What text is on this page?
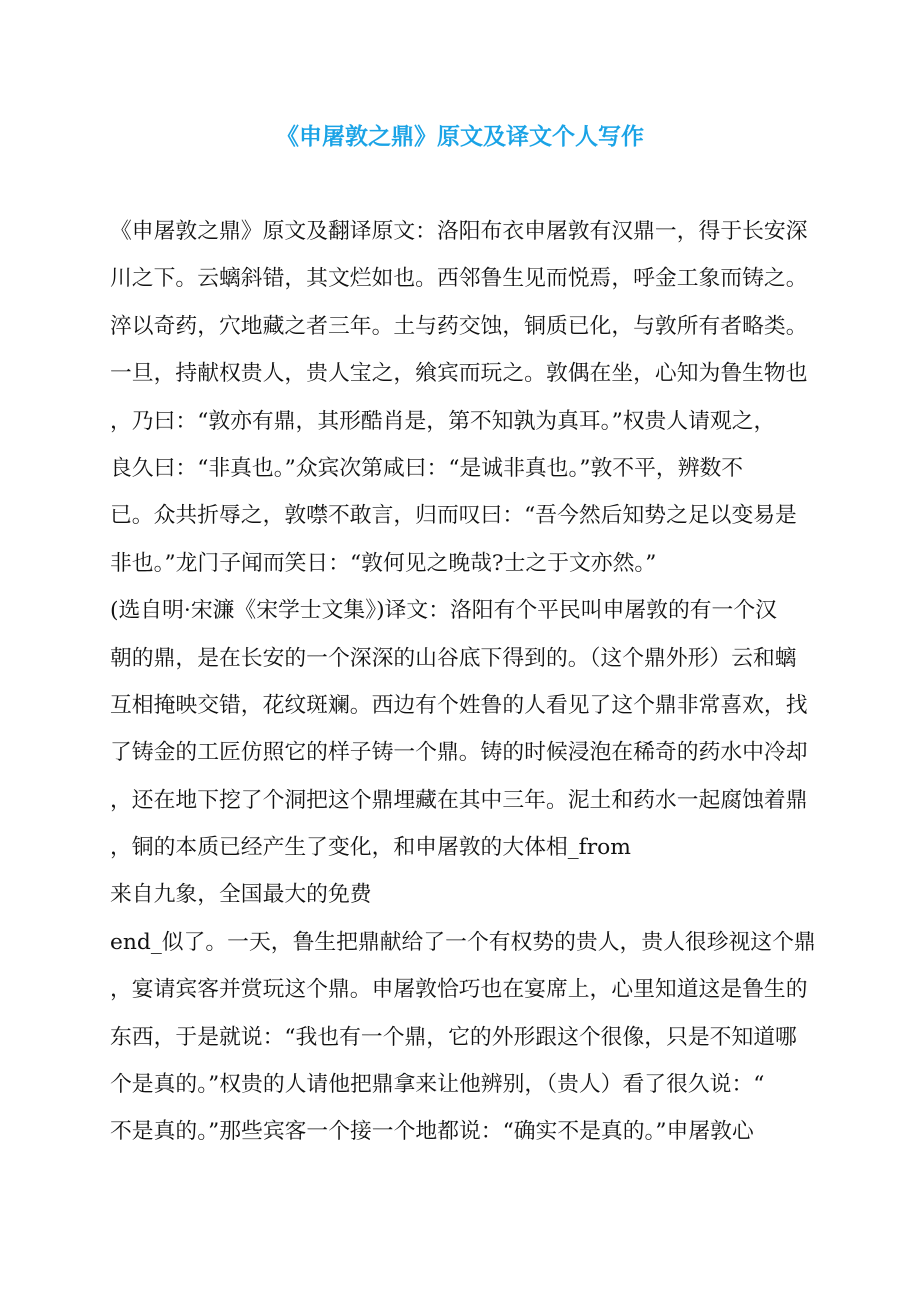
《申屠敦之鼎》原文及译文个人写作
《申屠敦之鼎》原文及翻译原文：洛阳布衣申屠敦有汉鼎一，得于长安深
川之下。云螭斜错，其文烂如也。西邻鲁生见而悦焉，呼金工象而铸之。
淬以奇药，穴地藏之者三年。土与药交蚀，铜质已化，与敦所有者略类。
一旦，持献权贵人，贵人宝之，飨宾而玩之。敦偶在坐，心知为鲁生物也
，乃曰：“敦亦有鼎，其形酷肖是，第不知孰为真耳。”权贵人请观之，
良久曰：“非真也。”众宾次第咸曰：“是诚非真也。”敦不平，辨数不
已。众共折辱之，敦噤不敢言，归而叹曰：“吾今然后知势之足以变易是
非也。”龙门子闻而笑日：“敦何见之晚哉?士之于文亦然。”
(选自明·宋濂《宋学士文集》)译文：洛阳有个平民叫申屠敦的有一个汉
朝的鼎，是在长安的一个深深的山谷底下得到的。（这个鼎外形）云和螭
互相掩映交错，花纹斑斓。西边有个姓鲁的人看见了这个鼎非常喜欢，找
了铸金的工匠仿照它的样子铸一个鼎。铸的时候浸泡在稀奇的药水中冷却
，还在地下挖了个洞把这个鼎埋藏在其中三年。泥土和药水一起腐蚀着鼎
，铜的本质已经产生了变化，和申屠敦的大体相_from
来自九象，全国最大的免费
end_似了。一天，鲁生把鼎献给了一个有权势的贵人，贵人很珍视这个鼎
，宴请宾客并赏玩这个鼎。申屠敦恰巧也在宴席上，心里知道这是鲁生的
东西，于是就说：“我也有一个鼎，它的外形跟这个很像，只是不知道哪
个是真的。”权贵的人请他把鼎拿来让他辨别，（贵人）看了很久说：“
不是真的。”那些宾客一个接一个地都说：“确实不是真的。”申屠敦心
